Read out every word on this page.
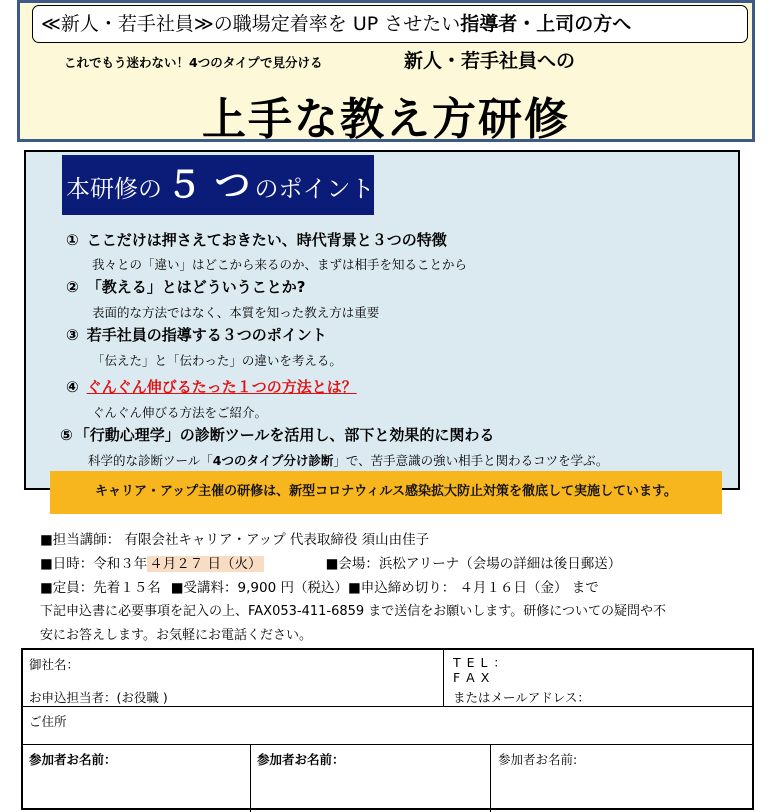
≪新人・若手社員≫の職場定着率を UP させたい指導者・上司の方へ
これでもう迷わない！4つのタイプで見分ける	新人・若手社員への
上手な教え方研修
本研修の ５ つ のポイント
① ここだけは押さえておきたい、時代背景と３つの特徴
我々との「違い」はどこから来るのか、まずは相手を知ることから
② 「教える」とはどういうことか?
表面的な方法ではなく、本質を知った教え方は重要
③ 若手社員の指導する３つのポイント
「伝えた」と「伝わった」の違いを考える。
④ ぐんぐん伸びるたった１つの方法とは？
ぐんぐん伸びる方法をご紹介。
⑤ 「行動心理学」の診断ツールを活用し、部下と効果的に関わる
科学的な診断ツール「4つのタイプ分け診断」で、苦手意識の強い相手と関わるコツを学ぶ。
キャリア・アップ主催の研修は、新型コロナウィルス感染拡大防止対策を徹底して実施しています。
■担当講師： 有限会社キャリア・アップ 代表取締役 須山由佳子
■日時：令和３年 ４月２７ 日（火）	■会場：浜松アリーナ（会場の詳細は後日郵送）
■定員：先着１５名 ■受講料：9,900 円（税込）■申込締め切り： ４月１６日（金） まで
下記申込書に必要事項を記入の上、FAX053-411-6859 まで送信をお願いします。研修についての疑問や不
安にお答えします。お気軽にお電話ください。
御社名：
お申込担当者：(お役職 )
T E L ：
F A X
またはメールアドレス：
ご住所
参加者お名前：	参加者お名前：	参加者お名前:
